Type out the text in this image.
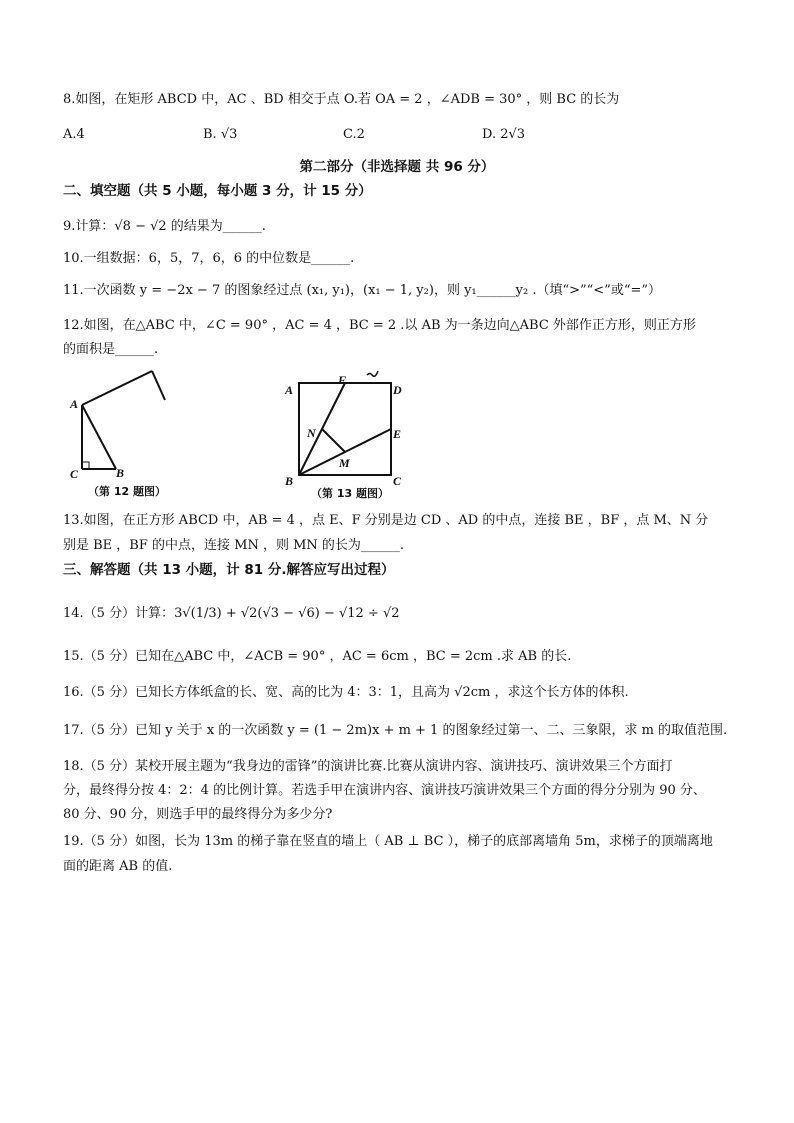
8.如图，在矩形 ABCD 中，AC 、BD 相交于点 O.若 OA = 2 ，∠ADB = 30° ，则 BC 的长为
A.4	B. √3	C.2	D. 2√3
第二部分（非选择题 共 96 分）
二、填空题（共 5 小题，每小题 3 分，计 15 分）
9.计算：√8 − √2 的结果为______.
10.一组数据：6，5，7，6，6 的中位数是______.
11.一次函数 y = −2x − 7 的图象经过点 (x₁, y₁)，(x₁ − 1, y₂)，则 y₁______y₂ .（填“>”“<”或“=”）
12.如图，在△ABC 中，∠C = 90° ，AC = 4 ，BC = 2 .以 AB 为一条边向△ABC 外部作正方形，则正方形
的面积是______.
A
C	B
（第 12 题图）
A
F
D
N	E
M
B	C
（第 13 题图）
13.如图，在正方形 ABCD 中，AB = 4 ，点 E、F 分别是边 CD 、AD 的中点，连接 BE ，BF ，点 M、N 分
别是 BE ，BF 的中点，连接 MN ，则 MN 的长为______.
三、解答题（共 13 小题，计 81 分.解答应写出过程）
14.（5 分）计算：3√(1/3) + √2(√3 − √6) − √12 ÷ √2
15.（5 分）已知在△ABC 中，∠ACB = 90° ，AC = 6cm ，BC = 2cm .求 AB 的长.
16.（5 分）已知长方体纸盒的长、宽、高的比为 4：3：1，且高为 √2cm ，求这个长方体的体积.
17.（5 分）已知 y 关于 x 的一次函数 y = (1 − 2m)x + m + 1 的图象经过第一、二、三象限，求 m 的取值范围.
18.（5 分）某校开展主题为“我身边的雷锋”的演讲比赛.比赛从演讲内容、演讲技巧、演讲效果三个方面打
分，最终得分按 4：2：4 的比例计算。若选手甲在演讲内容、演讲技巧演讲效果三个方面的得分分别为 90 分、
80 分、90 分，则选手甲的最终得分为多少分?
19.（5 分）如图，长为 13m 的梯子靠在竖直的墙上（ AB ⊥ BC ），梯子的底部离墙角 5m，求梯子的顶端离地
面的距离 AB 的值.
